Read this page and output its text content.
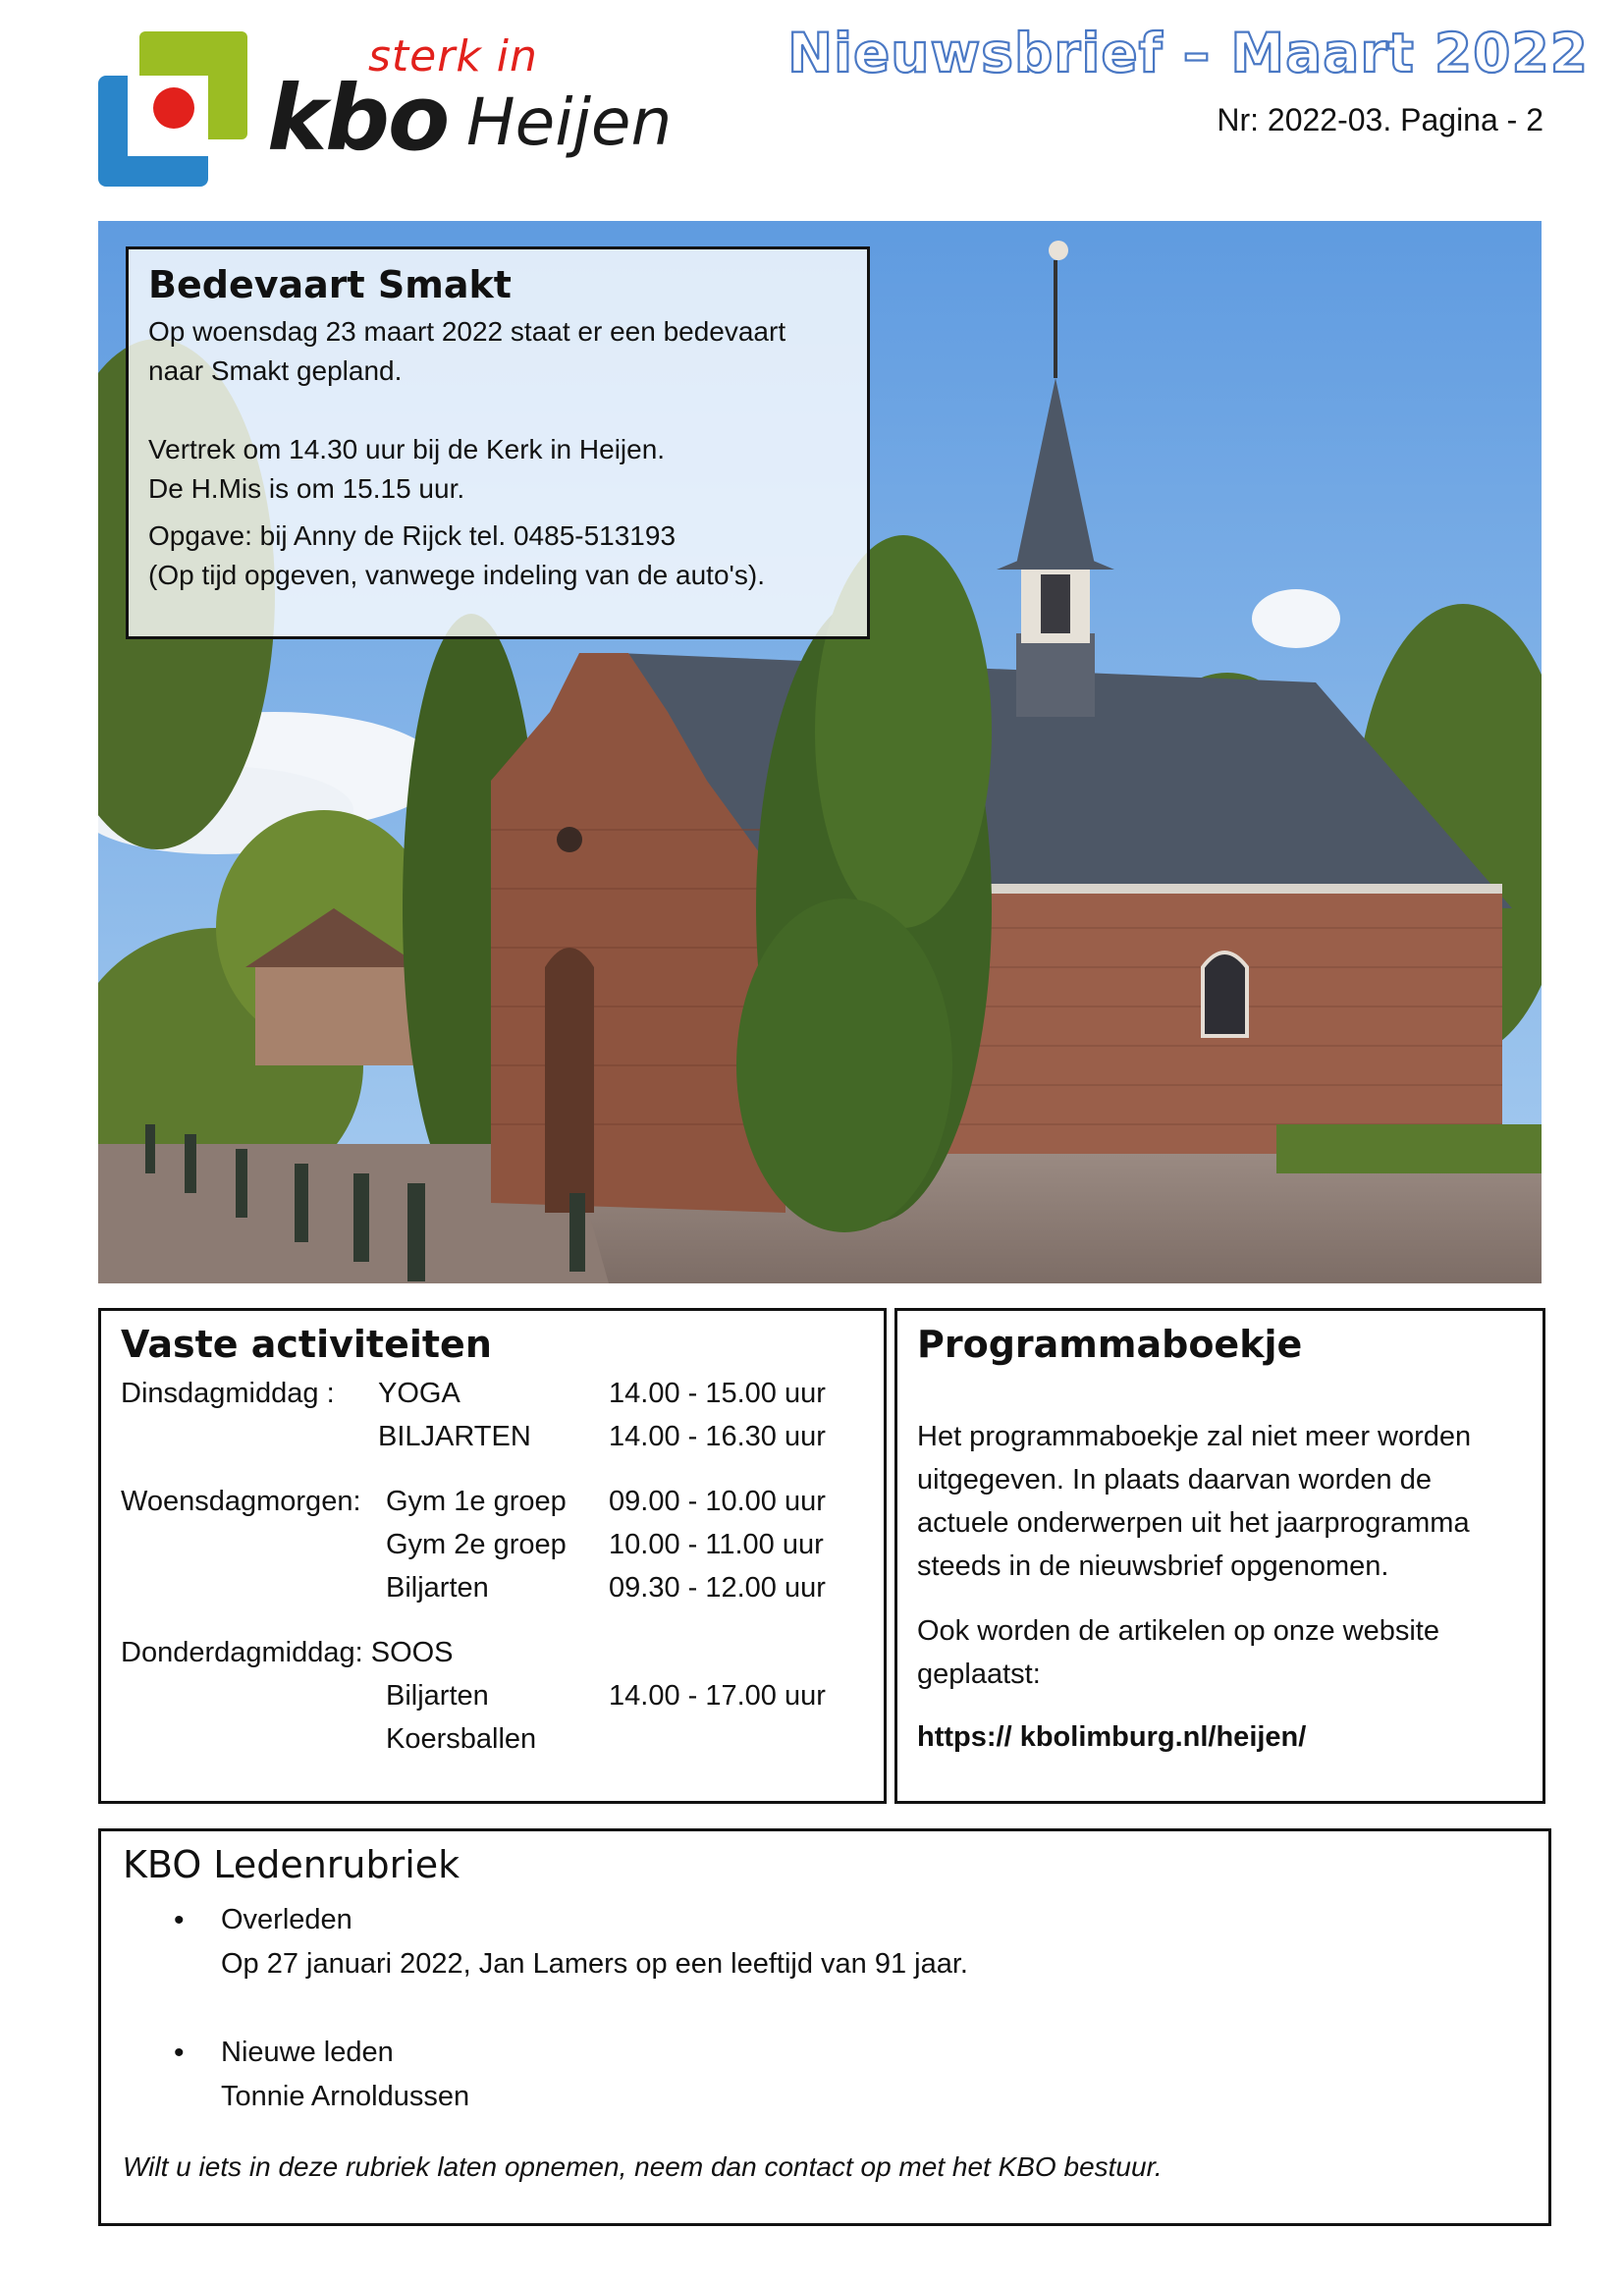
sterk in
kbo Heijen
Nieuwsbrief – Maart 2022
Nr: 2022-03. Pagina - 2
Bedevaart Smakt

Op woensdag 23 maart 2022 staat er een bedevaart

naar Smakt gepland.

Vertrek om 14.30 uur bij de Kerk in Heijen.

De H.Mis is om 15.15 uur.

Opgave: bij Anny de Rijck tel. 0485-513193

(Op tijd opgeven, vanwege indeling van de auto's).

Vaste activiteiten
Dinsdagmiddag : YOGA	14.00 - 15.00 uur
BILJARTEN	14.00 - 16.30 uur
Woensdagmorgen: Gym 1e groep 09.00 - 10.00 uur
Gym 2e groep 10.00 - 11.00 uur
Biljarten	09.30 - 12.00 uur
Donderdagmiddag: SOOS
Biljarten	14.00 - 17.00 uur
Koersballen
Programmaboekje

Het programmaboekje zal niet meer worden uitgegeven. In plaats daarvan worden de actuele onderwerpen uit het jaarprogramma steeds in de nieuwsbrief opgenomen.

Ook worden de artikelen op onze website geplaatst:

https:// kbolimburg.nl/heijen/

KBO Ledenrubriek
• Overleden
Op 27 januari 2022, Jan Lamers op een leeftijd van 91 jaar.
• Nieuwe leden
Tonnie Arnoldussen
Wilt u iets in deze rubriek laten opnemen, neem dan contact op met het KBO bestuur.
